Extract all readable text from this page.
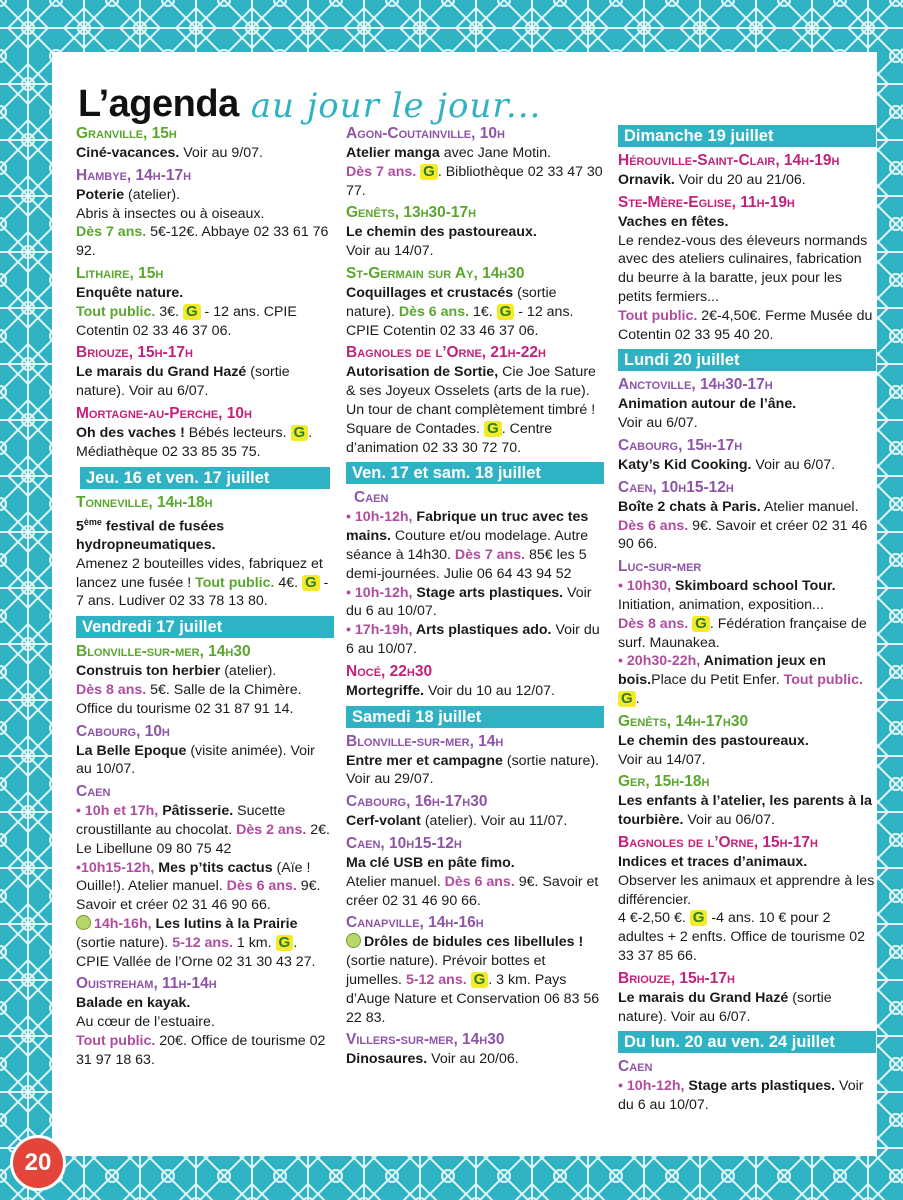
L’agenda au jour le jour...
Granville, 15h
Ciné-vacances. Voir au 9/07.
Hambye, 14h-17h
Poterie (atelier).
Abris à insectes ou à oiseaux.
Dès 7 ans. 5€-12€. Abbaye 02 33 61 76 92.
Lithaire, 15h
Enquête nature.
Tout public. 3€. G - 12 ans. CPIE Cotentin 02 33 46 37 06.
Briouze, 15h-17h
Le marais du Grand Hazé (sortie nature). Voir au 6/07.
Mortagne-au-Perche, 10h
Oh des vaches ! Bébés lecteurs. G . Médiathèque 02 33 85 35 75.
Jeu. 16 et ven. 17 juillet
Tonneville, 14h-18h
5ème festival de fusées hydropneumatiques.
Amenez 2 bouteilles vides, fabriquez et lancez une fusée ! Tout public. 4€. G - 7 ans. Ludiver 02 33 78 13 80.
Vendredi 17 juillet
Blonville-sur-mer, 14h30
Construis ton herbier (atelier).
Dès 8 ans. 5€. Salle de la Chimère. Office du tourisme 02 31 87 91 14.
Cabourg, 10h
La Belle Epoque (visite animée). Voir au 10/07.
Caen
• 10h et 17h, Pâtisserie. Sucette croustillante au chocolat. Dès 2 ans. 2€. Le Libellune 09 80 75 42
•10h15-12h, Mes p’tits cactus (Aïe ! Ouille!). Atelier manuel. Dès 6 ans. 9€. Savoir et créer 02 31 46 90 66.
14h-16h, Les lutins à la Prairie (sortie nature). 5-12 ans. 1 km. G . CPIE Vallée de l’Orne 02 31 30 43 27.
Ouistreham, 11h-14h
Balade en kayak.
Au cœur de l’estuaire.
Tout public. 20€. Office de tourisme 02 31 97 18 63.
Agon-Coutainville, 10h
Atelier manga avec Jane Motin.
Dès 7 ans. G . Bibliothèque 02 33 47 30 77.
Genêts, 13h30-17h
Le chemin des pastoureaux.
Voir au 14/07.
St-Germain sur Ay, 14h30
Coquillages et crustacés (sortie nature). Dès 6 ans. 1€. G - 12 ans. CPIE Cotentin 02 33 46 37 06.
Bagnoles de l’Orne, 21h-22h
Autorisation de Sortie, Cie Joe Sature & ses Joyeux Osselets (arts de la rue). Un tour de chant complètement timbré !
Square de Contades. G . Centre d’animation 02 33 30 72 70.
Ven. 17 et sam. 18 juillet
Caen
• 10h-12h, Fabrique un truc avec tes mains. Couture et/ou modelage. Autre séance à 14h30. Dès 7 ans. 85€ les 5 demi-journées. Julie 06 64 43 94 52
• 10h-12h, Stage arts plastiques. Voir du 6 au 10/07.
• 17h-19h, Arts plastiques ado. Voir du 6 au 10/07.
Nocé, 22h30
Mortegriffe. Voir du 10 au 12/07.
Samedi 18 juillet
Blonville-sur-mer, 14h
Entre mer et campagne (sortie nature). Voir au 29/07.
Cabourg, 16h-17h30
Cerf-volant (atelier). Voir au 11/07.
Caen, 10h15-12h
Ma clé USB en pâte fimo.
Atelier manuel. Dès 6 ans. 9€. Savoir et créer 02 31 46 90 66.
Canapville, 14h-16h
Drôles de bidules ces libellules ! (sortie nature). Prévoir bottes et jumelles. 5-12 ans. G . 3 km. Pays d’Auge Nature et Conservation 06 83 56 22 83.
Villers-sur-mer, 14h30
Dinosaures. Voir au 20/06.
Dimanche 19 juillet
Hérouville-Saint-Clair, 14h-19h
Ornavik. Voir du 20 au 21/06.
Ste-Mère-Eglise, 11h-19h
Vaches en fêtes.
Le rendez-vous des éleveurs normands avec des ateliers culinaires, fabrication du beurre à la baratte, jeux pour les petits fermiers...
Tout public. 2€-4,50€. Ferme Musée du Cotentin 02 33 95 40 20.
Lundi 20 juillet
Anctoville, 14h30-17h
Animation autour de l’âne.
Voir au 6/07.
Cabourg, 15h-17h
Katy’s Kid Cooking. Voir au 6/07.
Caen, 10h15-12h
Boîte 2 chats à Paris. Atelier manuel.
Dès 6 ans. 9€. Savoir et créer 02 31 46 90 66.
Luc-sur-mer
• 10h30, Skimboard school Tour. Initiation, animation, exposition...
Dès 8 ans. G . Fédération française de surf. Maunakea.
• 20h30-22h, Animation jeux en bois.Place du Petit Enfer. Tout public. G .
Genêts, 14h-17h30
Le chemin des pastoureaux.
Voir au 14/07.
Ger, 15h-18h
Les enfants à l’atelier, les parents à la tourbière. Voir au 06/07.
Bagnoles de l’Orne, 15h-17h
Indices et traces d’animaux.
Observer les animaux et apprendre à les différencier.
4 €-2,50 €. G -4 ans. 10 € pour 2 adultes + 2 enfts. Office de tourisme 02 33 37 85 66.
Briouze, 15h-17h
Le marais du Grand Hazé (sortie nature). Voir au 6/07.
Du lun. 20 au ven. 24 juillet
Caen
• 10h-12h, Stage arts plastiques. Voir du 6 au 10/07.
20
